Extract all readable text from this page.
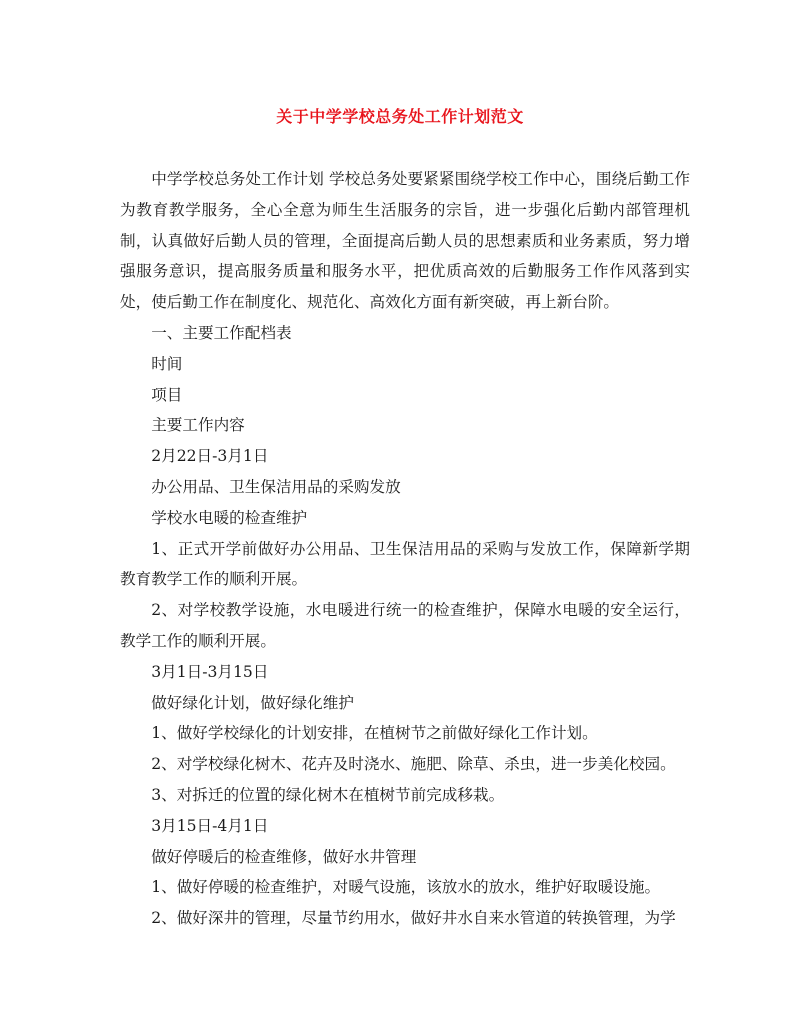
关于中学学校总务处工作计划范文

中学学校总务处工作计划 学校总务处要紧紧围绕学校工作中心，围绕后勤工作为教育教学服务，全心全意为师生生活服务的宗旨，进一步强化后勤内部管理机制，认真做好后勤人员的管理，全面提高后勤人员的思想素质和业务素质，努力增强服务意识，提高服务质量和服务水平，把优质高效的后勤服务工作作风落到实处，使后勤工作在制度化、规范化、高效化方面有新突破，再上新台阶。

一、主要工作配档表

时间

项目

主要工作内容

2月22日-3月1日

办公用品、卫生保洁用品的采购发放

学校水电暖的检查维护

1、正式开学前做好办公用品、卫生保洁用品的采购与发放工作，保障新学期教育教学工作的顺利开展。

2、对学校教学设施，水电暖进行统一的检查维护，保障水电暖的安全运行，教学工作的顺利开展。

3月1日-3月15日

做好绿化计划，做好绿化维护

1、做好学校绿化的计划安排，在植树节之前做好绿化工作计划。

2、对学校绿化树木、花卉及时浇水、施肥、除草、杀虫，进一步美化校园。

3、对拆迁的位置的绿化树木在植树节前完成移栽。

3月15日-4月1日

做好停暖后的检查维修，做好水井管理

1、做好停暖的检查维护，对暖气设施，该放水的放水，维护好取暖设施。

2、做好深井的管理，尽量节约用水，做好井水自来水管道的转换管理，为学
